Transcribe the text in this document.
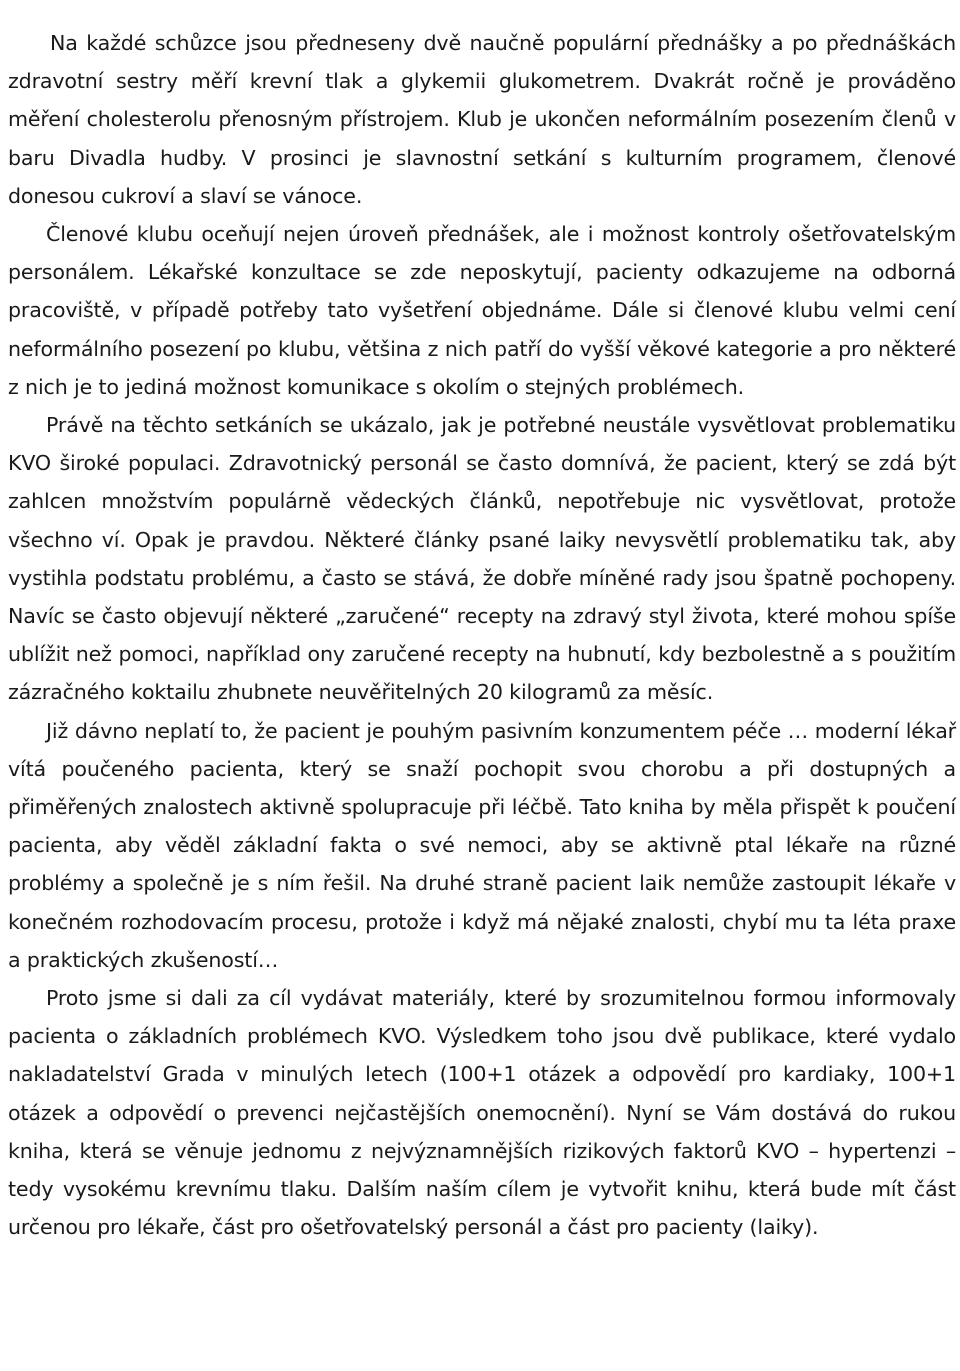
Na každé schůzce jsou předneseny dvě naučně populární přednášky a po přednáškách zdravotní sestry měří krevní tlak a glykemii glukometrem. Dvakrát ročně je prováděno měření cholesterolu přenosným přístrojem. Klub je ukončen neformálním posezením členů v baru Divadla hudby. V prosinci je slavnostní setkání s kulturním programem, členové donesou cukroví a slaví se vánoce.

Členové klubu oceňují nejen úroveň přednášek, ale i možnost kontroly ošetřovatelským personálem. Lékařské konzultace se zde neposkytují, pacienty odkazujeme na odborná pracoviště, v případě potřeby tato vyšetření objednáme. Dále si členové klubu velmi cení neformálního posezení po klubu, většina z nich patří do vyšší věkové kategorie a pro některé z nich je to jediná možnost komunikace s okolím o stejných problémech.

Právě na těchto setkáních se ukázalo, jak je potřebné neustále vysvětlovat problematiku KVO široké populaci. Zdravotnický personál se často domnívá, že pacient, který se zdá být zahlcen množstvím populárně vědeckých článků, nepotřebuje nic vysvětlovat, protože všechno ví. Opak je pravdou. Některé články psané laiky nevysvětlí problematiku tak, aby vystihla podstatu problému, a často se stává, že dobře míněné rady jsou špatně pochopeny. Navíc se často objevují některé „zaručené“ recepty na zdravý styl života, které mohou spíše ublížit než pomoci, například ony zaručené recepty na hubnutí, kdy bezbolestně a s použitím zázračného koktailu zhubnete neuvěřitelných 20 kilogramů za měsíc.

Již dávno neplatí to, že pacient je pouhým pasivním konzumentem péče … moderní lékař vítá poučeného pacienta, který se snaží pochopit svou chorobu a při dostupných a přiměřených znalostech aktivně spolupracuje při léčbě. Tato kniha by měla přispět k poučení pacienta, aby věděl základní fakta o své nemoci, aby se aktivně ptal lékaře na různé problémy a společně je s ním řešil. Na druhé straně pacient laik nemůže zastoupit lékaře v konečném rozhodovacím procesu, protože i když má nějaké znalosti, chybí mu ta léta praxe a praktických zkušeností…

Proto jsme si dali za cíl vydávat materiály, které by srozumitelnou formou informovaly pacienta o základních problémech KVO. Výsledkem toho jsou dvě publikace, které vydalo nakladatelství Grada v minulých letech (100+1 otázek a odpovědí pro kardiaky, 100+1 otázek a odpovědí o prevenci nejčastějších onemocnění). Nyní se Vám dostává do rukou kniha, která se věnuje jednomu z nejvýznamnějších rizikových faktorů KVO – hypertenzi – tedy vysokému krevnímu tlaku. Dalším naším cílem je vytvořit knihu, která bude mít část určenou pro lékaře, část pro ošetřovatelský personál a část pro pacienty (laiky).
